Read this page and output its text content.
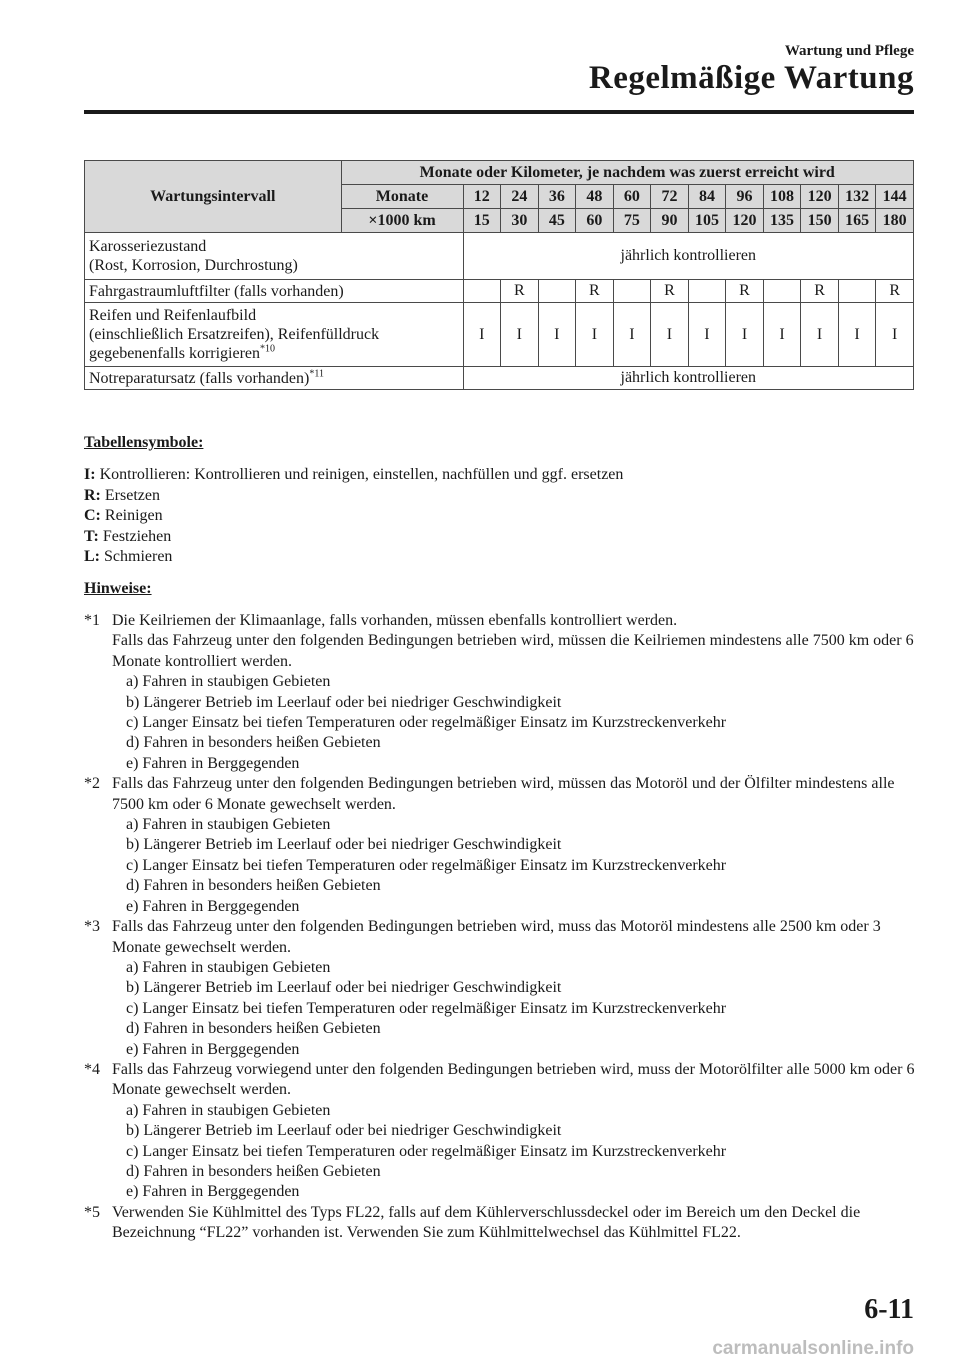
Wartung und Pflege
Regelmäßige Wartung
Wartungsintervall	Monate oder Kilometer, je nachdem was zuerst erreicht wird												
	Monate	12	24	36	48	60	72	84	96	108	120	132	144
	×1000 km	15	30	45	60	75	90	105	120	135	150	165	180
Karosseriezustand
(Rost, Korrosion, Durchrostung)		jährlich kontrollieren											
Fahrgastraumluftfilter (falls vorhanden)			R		R		R		R		R		R
Reifen und Reifenlaufbild
(einschließlich Ersatzreifen), Reifenfülldruck
gegebenenfalls korrigieren$^{*10}$		I	I	I	I	I	I	I	I	I	I	I	I
Notreparatursatz (falls vorhanden)$^{*11}$		jährlich kontrollieren											
Tabellensymbole:
I: Kontrollieren: Kontrollieren und reinigen, einstellen, nachfüllen und ggf. ersetzen
R: Ersetzen
C: Reinigen
T: Festziehen
L: Schmieren
Hinweise:
*1 Die Keilriemen der Klimaanlage, falls vorhanden, müssen ebenfalls kontrolliert werden.
Falls das Fahrzeug unter den folgenden Bedingungen betrieben wird, müssen die Keilriemen mindestens alle 7500 km oder 6 Monate kontrolliert werden.
a) Fahren in staubigen Gebieten
b) Längerer Betrieb im Leerlauf oder bei niedriger Geschwindigkeit
c) Langer Einsatz bei tiefen Temperaturen oder regelmäßiger Einsatz im Kurzstreckenverkehr
d) Fahren in besonders heißen Gebieten
e) Fahren in Berggegenden
*2 Falls das Fahrzeug unter den folgenden Bedingungen betrieben wird, müssen das Motoröl und der Ölfilter mindestens alle 7500 km oder 6 Monate gewechselt werden.
a) Fahren in staubigen Gebieten
b) Längerer Betrieb im Leerlauf oder bei niedriger Geschwindigkeit
c) Langer Einsatz bei tiefen Temperaturen oder regelmäßiger Einsatz im Kurzstreckenverkehr
d) Fahren in besonders heißen Gebieten
e) Fahren in Berggegenden
*3 Falls das Fahrzeug unter den folgenden Bedingungen betrieben wird, muss das Motoröl mindestens alle 2500 km oder 3 Monate gewechselt werden.
a) Fahren in staubigen Gebieten
b) Längerer Betrieb im Leerlauf oder bei niedriger Geschwindigkeit
c) Langer Einsatz bei tiefen Temperaturen oder regelmäßiger Einsatz im Kurzstreckenverkehr
d) Fahren in besonders heißen Gebieten
e) Fahren in Berggegenden
*4 Falls das Fahrzeug vorwiegend unter den folgenden Bedingungen betrieben wird, muss der Motorölfilter alle 5000 km oder 6 Monate gewechselt werden.
a) Fahren in staubigen Gebieten
b) Längerer Betrieb im Leerlauf oder bei niedriger Geschwindigkeit
c) Langer Einsatz bei tiefen Temperaturen oder regelmäßiger Einsatz im Kurzstreckenverkehr
d) Fahren in besonders heißen Gebieten
e) Fahren in Berggegenden
*5 Verwenden Sie Kühlmittel des Typs FL22, falls auf dem Kühlerverschlussdeckel oder im Bereich um den Deckel die Bezeichnung “FL22” vorhanden ist. Verwenden Sie zum Kühlmittelwechsel das Kühlmittel FL22.
6-11
carmanualsonline.info
